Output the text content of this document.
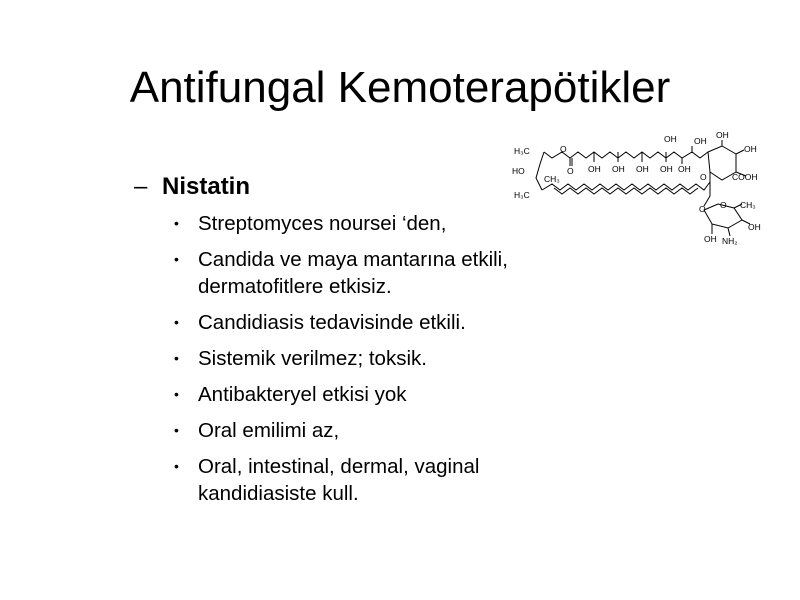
Antifungal Kemoterapötikler
– Nistatin
• Streptomyces noursei ‘den,
• Candida ve maya mantarına etkili,
dermatofitlere etkisiz.
• Candidiasis tedavisinde etkili.
• Sistemik verilmez; toksik.
• Antibakteryel etkisi yok
• Oral emilimi az,
• Oral, intestinal, dermal, vaginal
kandidiasiste kull.
H₃C	O
O
HO
CH₃
H₃C
OH OH OH OH OH
OH OH
OH
OH
COOH
O
O O CH₃
OH
OH NH₂
